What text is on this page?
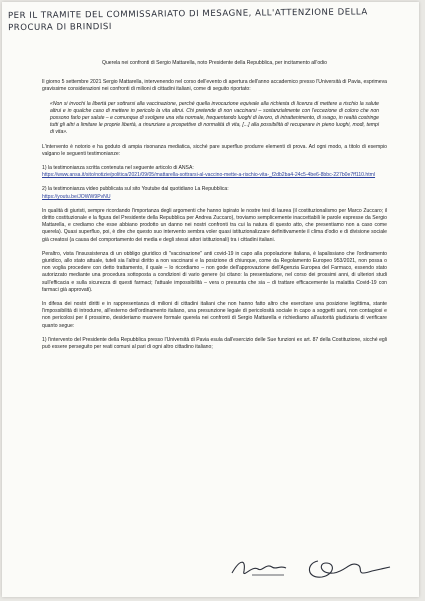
PER IL TRAMITE DEL COMMISSARIATO DI MESAGNE, ALL'ATTENZIONE DELLA
PROCURA DI BRINDISI

Querela nei confronti di Sergio Mattarella, noto Presidente della Repubblica, per incitamento all'odio

Il giorno 5 settembre 2021 Sergio Mattarella, intervenendo nel corso dell'evento di apertura dell'anno accademico presso l'Università di Pavia, esprimeva gravissime considerazioni nei confronti di milioni di cittadini italiani, come di seguito riportato:

«Non si invochi la libertà per sottrarsi alla vaccinazione, perché quella invocazione equivale alla richiesta di licenza di mettere a rischio la salute altrui e in qualche caso di mettere in pericolo la vita altrui. Chi pretende di non vaccinarsi – sostanzialmente con l'eccezione di coloro che non possono farlo per salute – e comunque di svolgere una vita normale, frequentando luoghi di lavoro, di intrattenimento, di svago, in realtà costringe tutti gli altri a limitare le proprie libertà, a rinunziare a prospettive di normalità di vita, [...] alla possibilità di recuperare in pieno luoghi, modi, tempi di vita».

L'intervento è notorio e ha goduto di ampia risonanza mediatica, sicché pare superfluo produrre elementi di prova. Ad ogni modo, a titolo di esempio valgano le seguenti testimonianze:

1) la testimonianza scritta contenuta nel seguente articolo di ANSA:
https://www.ansa.it/sito/notizie/politica/2021/09/05/mattarella-sottrarsi-al-vaccino-mette-a-rischio-vita-_f2db2ba4-24c5-4be6-8bbc-227b0e7ff110.html

2) la testimonianza video pubblicata sul sito Youtube dal quotidiano La Repubblica:
https://youtu.be/JOWW9PvNU

In qualità di giuristi, sempre ricordando l'importanza degli argomenti che hanno ispirato le nostre tesi di laurea (il costituzionalismo per Marco Zuccaro; il diritto costituzionale e la figura del Presidente della Repubblica per Andrea Zuccaro), troviamo semplicemente inaccettabili le parole espresse da Sergio Mattarella, e crediamo che esse abbiano prodotto un danno nei nostri confronti tra cui la natura di questo atto, che presentiamo non a caso come querela). Quasi superfluo, poi, è dire che questo suo intervento sembra voler quasi istituzionalizzare definitivamente il clima d'odio e di divisione sociale già creatosi (a causa del comportamento dei media e degli stessi attori istituzionali) tra i cittadini italiani.

Peraltro, vista l'insussistenza di un obbligo giuridico di "vaccinazione" anti covid-19 in capo alla popolazione italiana, è lapalissiano che l'ordinamento giuridico, allo stato attuale, tuteli sia l'altrui diritto a non vaccinarsi e la posizione di chiunque, come da Regolamento Europeo 953/2021, non possa o non voglia procedere con detto trattamento, il quale – lo ricordiamo – non gode dell'approvazione dell'Agenzia Europea del Farmaco, essendo stato autorizzato mediante una procedura sottoposta a condizioni di vario genere (si citano: la presentazione, nel corso dei prossimi anni, di ulteriori studi sull'efficacia e sulla sicurezza di questi farmaci; l'attuale impossibilità – vera o presunta che sia – di trattare efficacemente la malattia Covid-19 con farmaci già approvati).

In difesa dei nostri diritti e in rappresentanza di milioni di cittadini italiani che non hanno fatto altro che esercitare una posizione legittima, stante l'impossibilità di introdurre, all'esterno dell'ordinamento italiano, una presunzione legale di pericolosità sociale in capo a soggetti sani, non contagiosi e non pericolosi per il prossimo, desideriamo muovere formale querela nei confronti di Sergio Mattarella e richiediamo all'autorità giudiziaria di verificare quanto segue:

1) l'intervento del Presidente della Repubblica presso l'Università di Pavia esula dall'esercizio delle Sue funzioni ex art. 87 della Costituzione, sicché egli può essere perseguito per reati comuni al pari di ogni altro cittadino italiano;
